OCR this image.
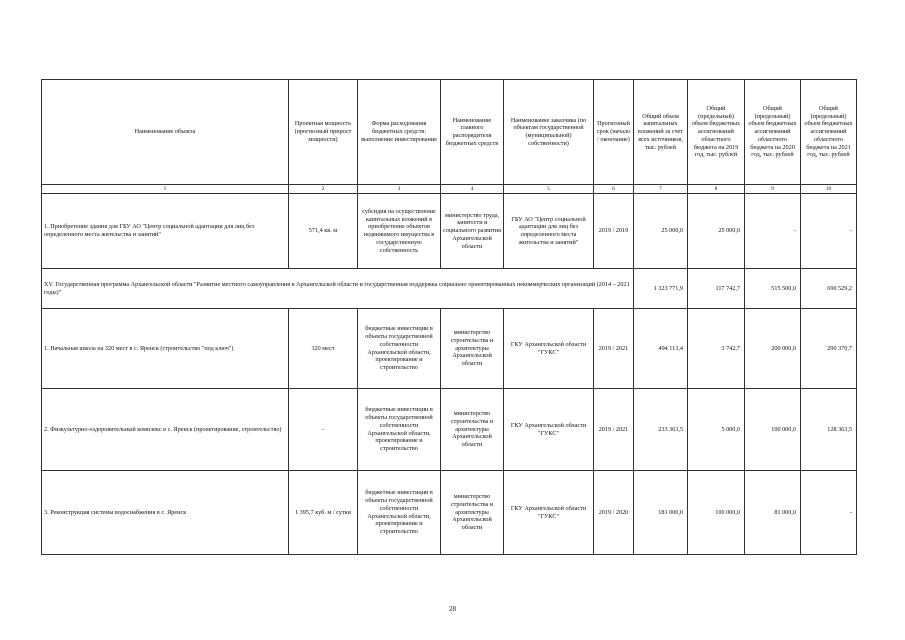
Наименование объекта	Проектная мощность (прогнозный прирост мощности)	Форма расходования бюджетных средств: выполнение инвестирование	Наименование главного распорядителя бюджетных средств	Наименование заказчика (по объектам государственной (муниципальной) собственности)	Прогнозный срок (начало / окончание)	Общий объем капитальных вложений за счет всех источников, тыс. рублей	Общий (предельный) объем бюджетных ассигнований областного бюджета на 2019 год, тыс. рублей	Общий (предельный) объем бюджетных ассигнований областного бюджета на 2020 год, тыс. рублей	Общий (предельный) объем бюджетных ассигнований областного бюджета на 2021 год, тыс. рублей
1	2	3	4	5	6	7	8	9	10
1. Приобретение здания для ГБУ АО "Центр социальной адаптации для лиц без определенного места жительства и занятий"	571,4 кв. м	субсидия на осуществление капитальных вложений в приобретение объектов недвижимого имущества в государственную собственность	министерство труда, занятости и социального развития Архангельской области	ГБУ АО "Центр социальной адаптации для лиц без определенного места жительства и занятий"	2019 / 2019	25 000,0	25 000,0	-	-
XV. Государственная программа Архангельской области "Развитие местного самоуправления в Архангельской области и государственная поддержка социально ориентированных некоммерческих организаций (2014 – 2021 годы)"						1 323 771,9	117 742,7	515 500,0	690 529,2
1. Начальная школа на 320 мест в с. Яренск (строительство "под ключ")	320 мест	бюджетные инвестиции в объекты государственной собственности Архангельской области, проектирование и строительство	министерство строительства и архитектуры Архангельской области	ГКУ Архангельской области "ГУКС"	2019 / 2021	494 113,4	3 742,7	200 000,0	290 370,7
2. Физкультурно-оздоровительный комплекс в с. Яренск (проектирование, строительство)	-	бюджетные инвестиции в объекты государственной собственности Архангельской области, проектирование и строительство	министерство строительства и архитектуры Архангельской области	ГКУ Архангельской области "ГУКС"	2019 / 2021	233 363,5	5 000,0	100 000,0	128 363,5
3. Реконструкция системы водоснабжения в с. Яренск	1 395,7 куб. м / сутки	бюджетные инвестиции в объекты государственной собственности Архангельской области, проектирование и строительство	министерство строительства и архитектуры Архангельской области	ГКУ Архангельской области "ГУКС"	2019 / 2020	181 000,0	100 000,0	81 000,0	-
28
